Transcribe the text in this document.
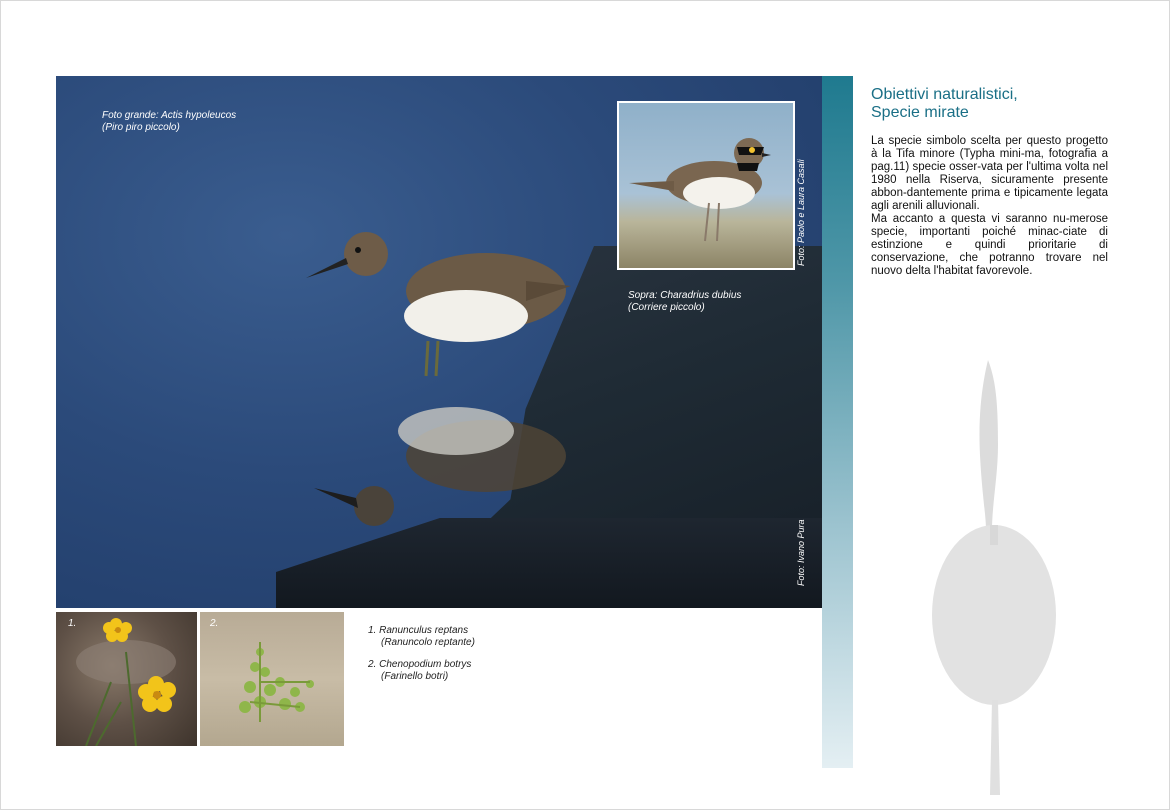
Foto grande: Actis hypoleucos
(Piro piro piccolo)
Sopra: Charadrius dubius
(Corriere piccolo)
Foto: Ivano Pura
Foto: Paolo e Laura Casali
1.	2.
1. Ranunculus reptans
(Ranuncolo reptante)
2. Chenopodium botrys
(Farinello botri)
Obiettivi naturalistici,
Specie mirate

La specie simbolo scelta per questo progetto à la Tifa minore (Typha mini-ma, fotografia a pag.11) specie osser-vata per l'ultima volta nel 1980 nella Riserva, sicuramente presente abbon-dantemente prima e tipicamente legata agli arenili alluvionali.

Ma accanto a questa vi saranno nu-merose specie, importanti poiché minac-ciate di estinzione e quindi prioritarie di conservazione, che potranno trovare nel nuovo delta l'habitat favorevole.
